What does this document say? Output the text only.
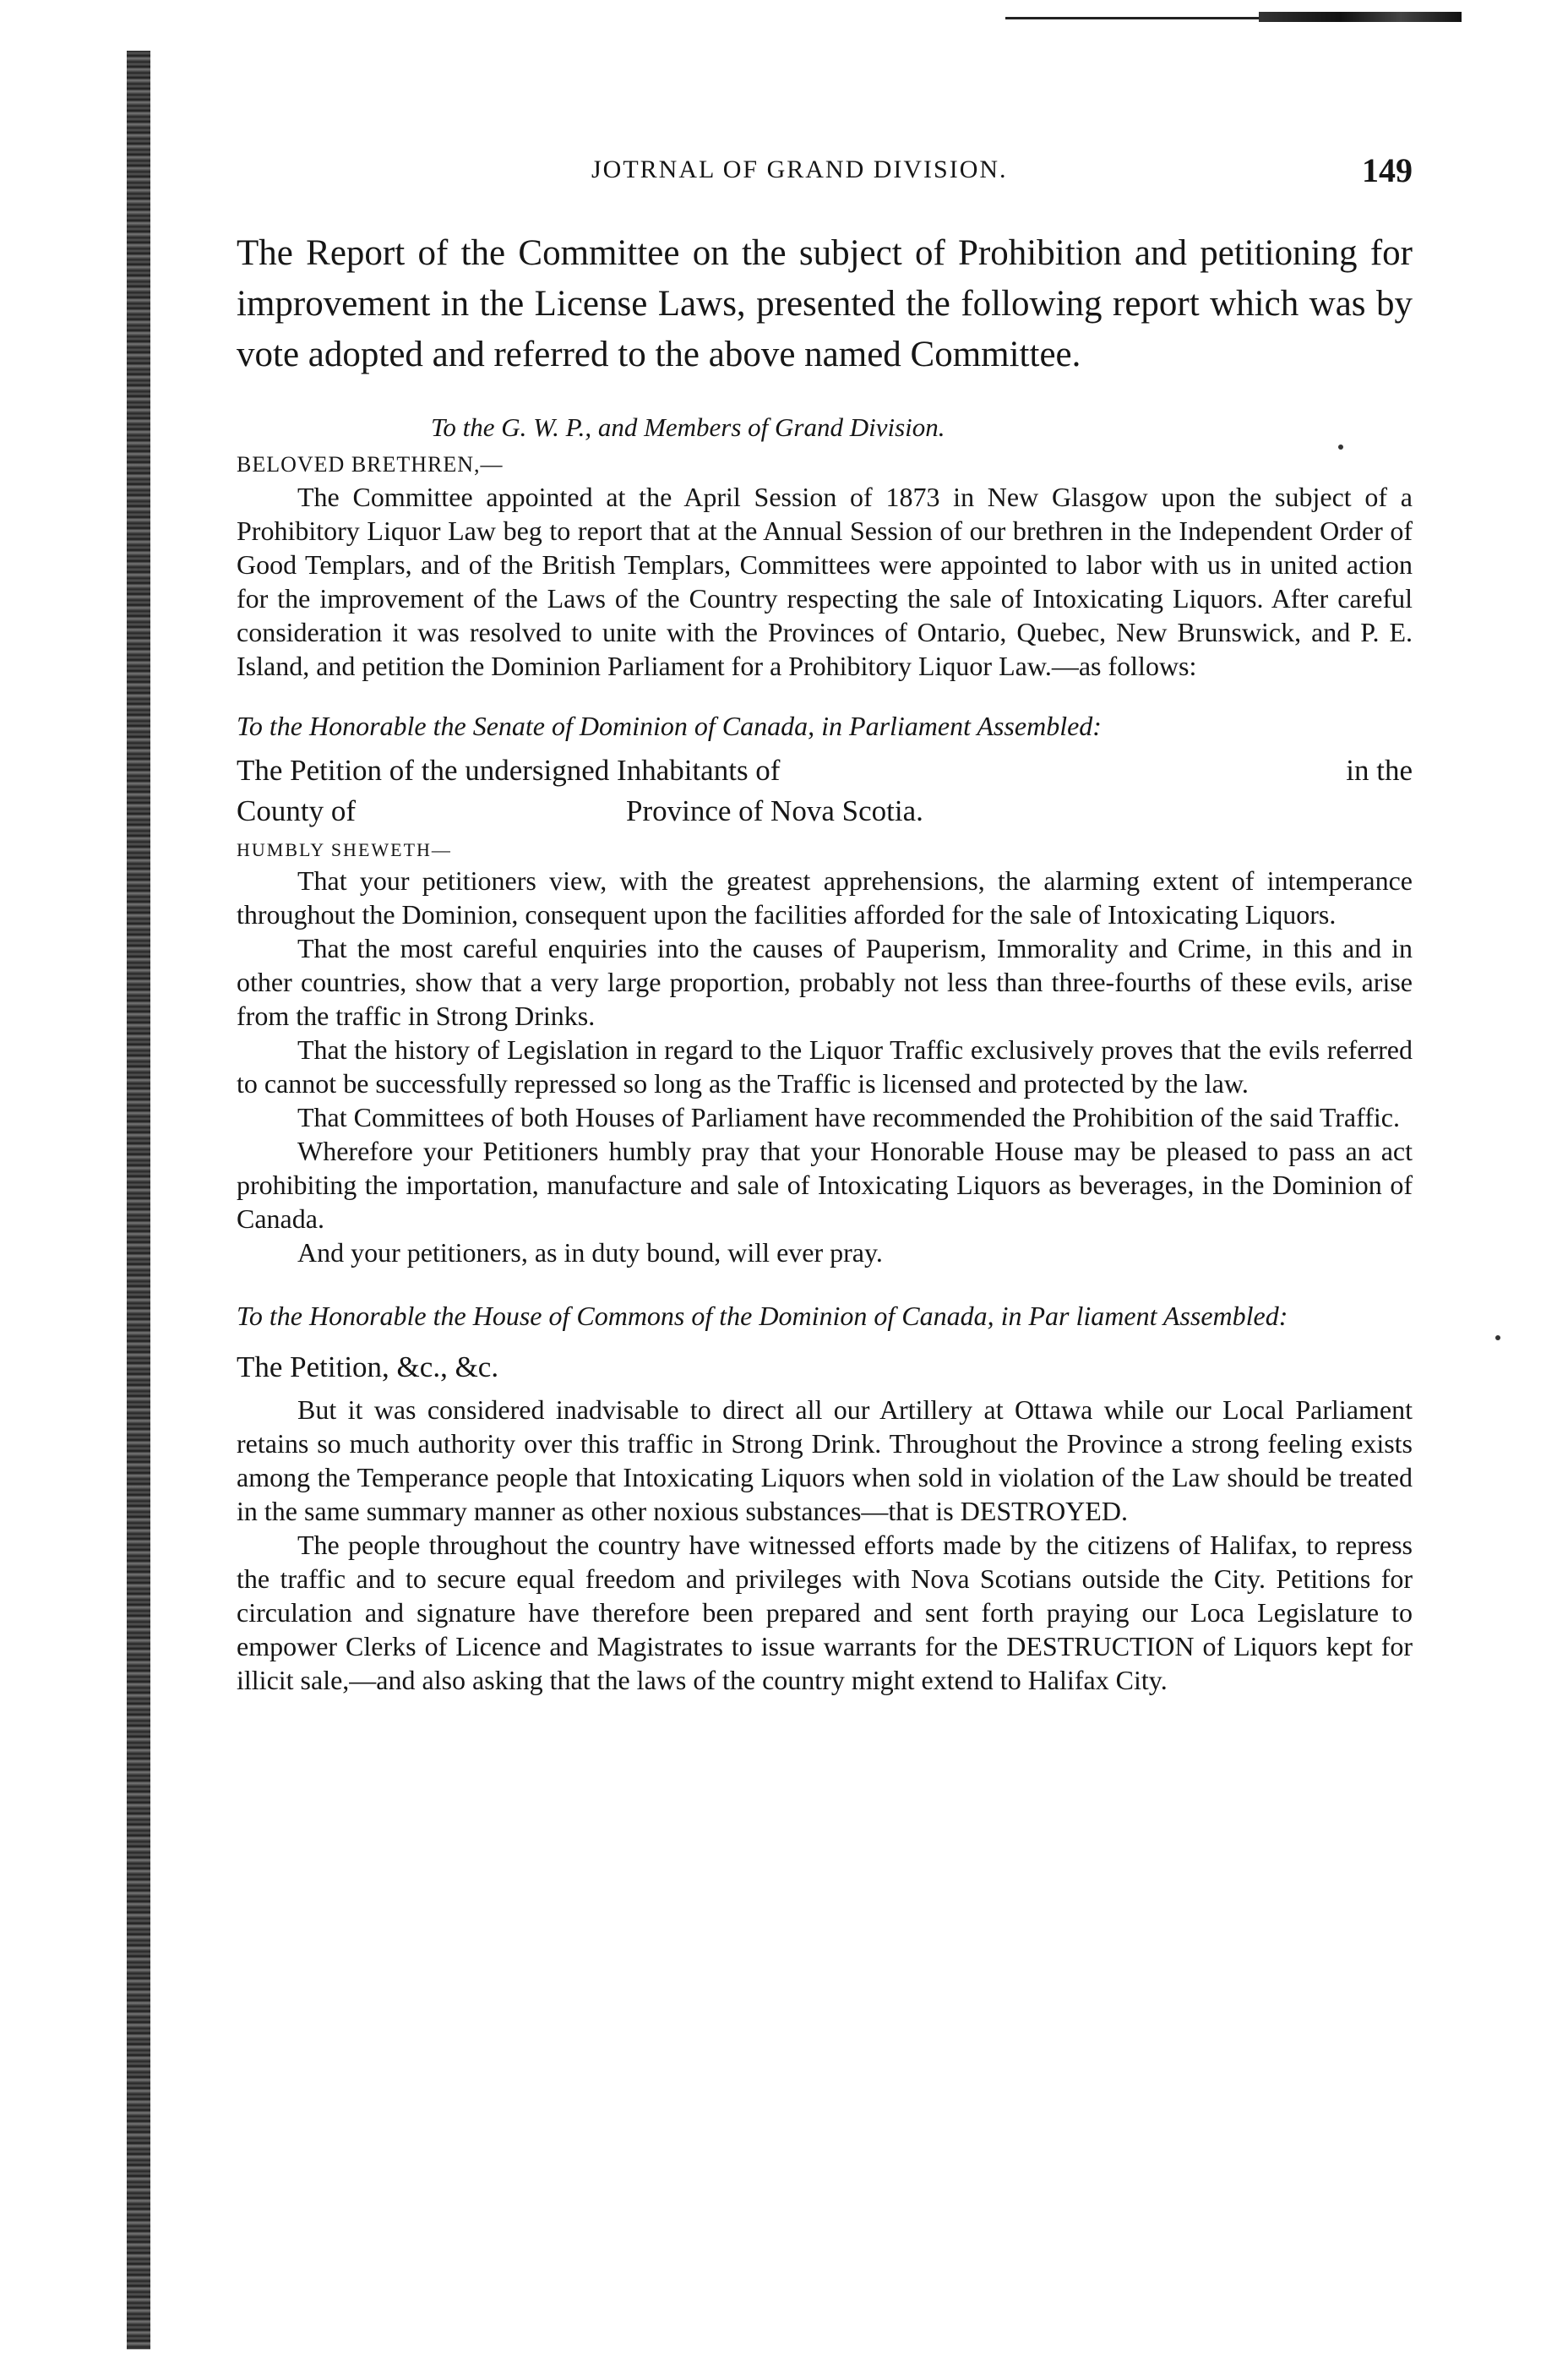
JOTRNAL OF GRAND DIVISION.	149

The Report of the Committee on the subject of Prohibition and petitioning for improvement in the License Laws, presented the following report which was by vote adopted and referred to the above named Committee.

To the G. W. P., and Members of Grand Division.

BELOVED BRETHREN,—

The Committee appointed at the April Session of 1873 in New Glasgow upon the subject of a Prohibitory Liquor Law beg to report that at the Annual Session of our brethren in the Independent Order of Good Templars, and of the British Templars, Committees were appointed to labor with us in united action for the improvement of the Laws of the Country respecting the sale of Intoxicating Liquors. After careful consideration it was resolved to unite with the Provinces of Ontario, Quebec, New Brunswick, and P. E. Island, and petition the Dominion Parliament for a Prohibitory Liquor Law.—as follows:

To the Honorable the Senate of Dominion of Canada, in Parliament Assembled:

The Petition of the undersigned Inhabitants of	in the

County of	Province of Nova Scotia.

HUMBLY SHEWETH—

That your petitioners view, with the greatest apprehensions, the alarming extent of intemperance throughout the Dominion, consequent upon the facilities afforded for the sale of Intoxicating Liquors.

That the most careful enquiries into the causes of Pauperism, Immorality and Crime, in this and in other countries, show that a very large proportion, probably not less than three-fourths of these evils, arise from the traffic in Strong Drinks.

That the history of Legislation in regard to the Liquor Traffic exclusively proves that the evils referred to cannot be successfully repressed so long as the Traffic is licensed and protected by the law.

That Committees of both Houses of Parliament have recommended the Prohibition of the said Traffic.

Wherefore your Petitioners humbly pray that your Honorable House may be pleased to pass an act prohibiting the importation, manufacture and sale of Intoxicating Liquors as beverages, in the Dominion of Canada.

And your petitioners, as in duty bound, will ever pray.

To the Honorable the House of Commons of the Dominion of Canada, in Par liament Assembled:

The Petition, &c., &c.

But it was considered inadvisable to direct all our Artillery at Ottawa while our Local Parliament retains so much authority over this traffic in Strong Drink. Throughout the Province a strong feeling exists among the Temperance people that Intoxicating Liquors when sold in violation of the Law should be treated in the same summary manner as other noxious substances—that is DESTROYED.

The people throughout the country have witnessed efforts made by the citizens of Halifax, to repress the traffic and to secure equal freedom and privileges with Nova Scotians outside the City. Petitions for circulation and signature have therefore been prepared and sent forth praying our Loca Legislature to empower Clerks of Licence and Magistrates to issue warrants for the DESTRUCTION of Liquors kept for illicit sale,—and also asking that the laws of the country might extend to Halifax City.
